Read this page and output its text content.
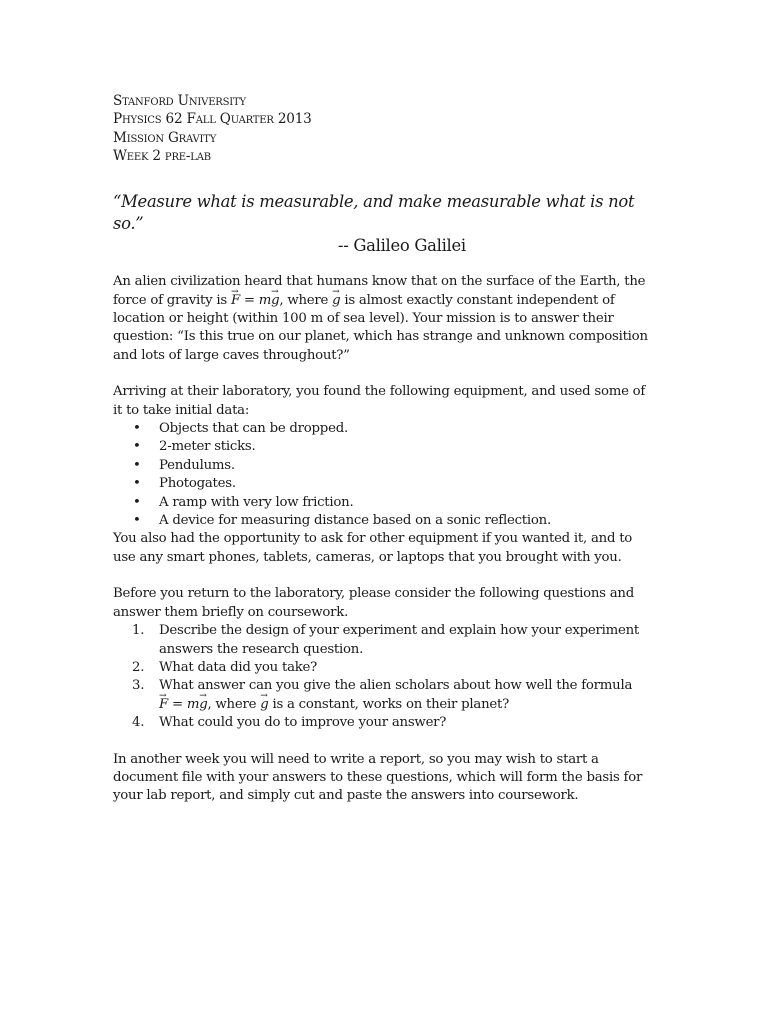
Stanford University

Physics 62 Fall Quarter 2013

Mission Gravity

Week 2 pre-lab

“Measure what is measurable, and make measurable what is not so.”
-- Galileo Galilei

An alien civilization heard that humans know that on the surface of the Earth, the force of gravity is → F = m→ g, where → g is almost exactly constant independent of location or height (within 100 m of sea level). Your mission is to answer their question: “Is this true on our planet, which has strange and unknown composition and lots of large caves throughout?”

Arriving at their laboratory, you found the following equipment, and used some of it to take initial data:

• Objects that can be dropped.
• 2-meter sticks.
• Pendulums.
• Photogates.
• A ramp with very low friction.
• A device for measuring distance based on a sonic reflection.

You also had the opportunity to ask for other equipment if you wanted it, and to use any smart phones, tablets, cameras, or laptops that you brought with you.

Before you return to the laboratory, please consider the following questions and answer them briefly on coursework.

1. Describe the design of your experiment and explain how your experiment answers the research question.
2. What data did you take?
3. What answer can you give the alien scholars about how well the formula
→ F = m→ g, where → g is a constant, works on their planet?
4. What could you do to improve your answer?

In another week you will need to write a report, so you may wish to start a document file with your answers to these questions, which will form the basis for your lab report, and simply cut and paste the answers into coursework.
